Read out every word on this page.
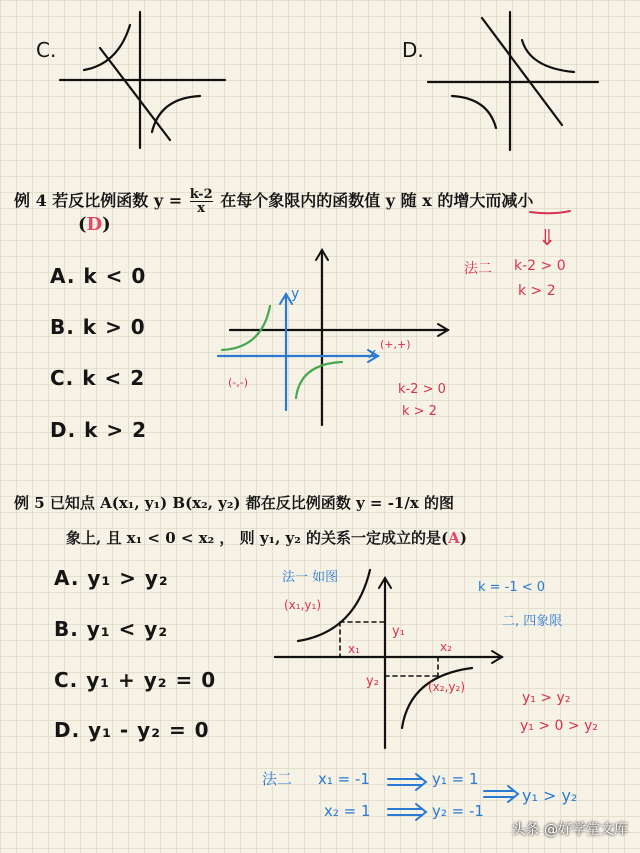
C.	D.
例 4 若反比例函数 $y = \frac{k-2}{x}$ 在每个象限内的函数值 y 随 x 的增大而减小
(D)
A. k < 0
B. k > 0
C. k < 2
D. k > 2
y
x
(+,+)
(-,-)
⇓
法二 k-2 > 0
k > 2
k-2 > 0
k > 2
例 5 已知点 A(x₁, y₁) B(x₂, y₂) 都在反比例函数 y = -1/x 的图
象上, 且 x₁ < 0 < x₂ ， 则 y₁, y₂ 的关系一定成立的是(A)
A. y₁ > y₂
B. y₁ < y₂
C. y₁ + y₂ = 0
D. y₁ - y₂ = 0
法一 如图
(x₁,y₁)
y₁
x₁	x₂
y₂	(x₂,y₂)
k = -1 < 0
二, 四象限
y₁ > y₂
y₁ > 0 > y₂
法二 x₁ = -1	y₁ = 1
x₂ = 1	y₂ = -1
y₁ > y₂
头条 @好学堂文库
